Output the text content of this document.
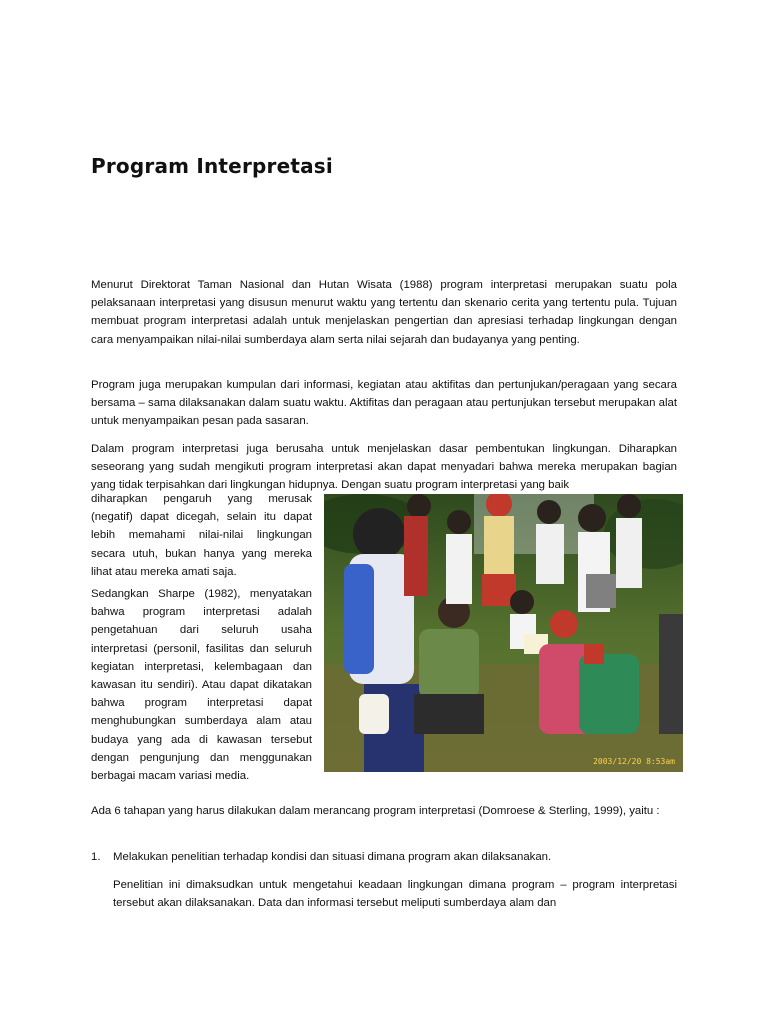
Program Interpretasi

Menurut Direktorat Taman Nasional dan Hutan Wisata (1988) program interpretasi merupakan suatu pola pelaksanaan interpretasi yang disusun menurut waktu yang tertentu dan skenario cerita yang tertentu pula. Tujuan membuat program interpretasi adalah untuk menjelaskan pengertian dan apresiasi terhadap lingkungan dengan cara menyampaikan nilai-nilai sumberdaya alam serta nilai sejarah dan budayanya yang penting.

Program juga merupakan kumpulan dari informasi, kegiatan atau aktifitas dan pertunjukan/peragaan yang secara bersama – sama dilaksanakan dalam suatu waktu. Aktifitas dan peragaan atau pertunjukan tersebut merupakan alat untuk menyampaikan pesan pada sasaran.

Dalam program interpretasi juga berusaha untuk menjelaskan dasar pembentukan lingkungan. Diharapkan seseorang yang sudah mengikuti program interpretasi akan dapat menyadari bahwa mereka merupakan bagian yang tidak terpisahkan dari lingkungan hidupnya. Dengan suatu program interpretasi yang baik

diharapkan pengaruh yang merusak (negatif) dapat dicegah, selain itu dapat lebih memahami nilai-nilai lingkungan secara utuh, bukan hanya yang mereka lihat atau mereka amati saja.

Sedangkan Sharpe (1982), menyatakan bahwa program interpretasi adalah pengetahuan dari seluruh usaha interpretasi (personil, fasilitas dan seluruh kegiatan interpretasi, kelembagaan dan kawasan itu sendiri). Atau dapat dikatakan bahwa program interpretasi dapat menghubungkan sumberdaya alam atau budaya yang ada di kawasan tersebut dengan pengunjung dan menggunakan berbagai macam variasi media.

2003/12/20 8:53am

Ada 6 tahapan yang harus dilakukan dalam merancang program interpretasi (Domroese & Sterling, 1999), yaitu :

1. Melakukan penelitian terhadap kondisi dan situasi dimana program akan dilaksanakan.

Penelitian ini dimaksudkan untuk mengetahui keadaan lingkungan dimana program – program interpretasi tersebut akan dilaksanakan. Data dan informasi tersebut meliputi sumberdaya alam dan
